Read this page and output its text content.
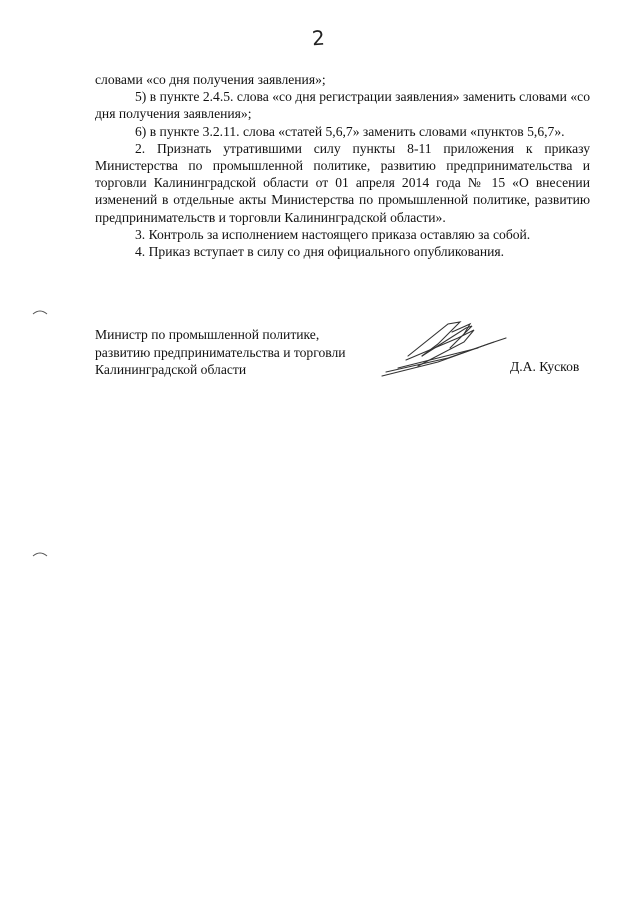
2

словами «со дня получения заявления»;

5) в пункте 2.4.5. слова «со дня регистрации заявления» заменить словами «со дня получения заявления»;

6) в пункте 3.2.11. слова «статей 5,6,7» заменить словами «пунктов 5,6,7».

2. Признать утратившими силу пункты 8-11 приложения к приказу Министерства по промышленной политике, развитию предпринимательства и торговли Калининградской области от 01 апреля 2014 года № 15 «О внесении изменений в отдельные акты Министерства по промышленной политике, развитию предпринимательств и торговли Калининградской области».

3. Контроль за исполнением настоящего приказа оставляю за собой.

4. Приказ вступает в силу со дня официального опубликования.

Министр по промышленной политике,
развитию предпринимательства и торговли
Калининградской области	Д.А. Кусков
